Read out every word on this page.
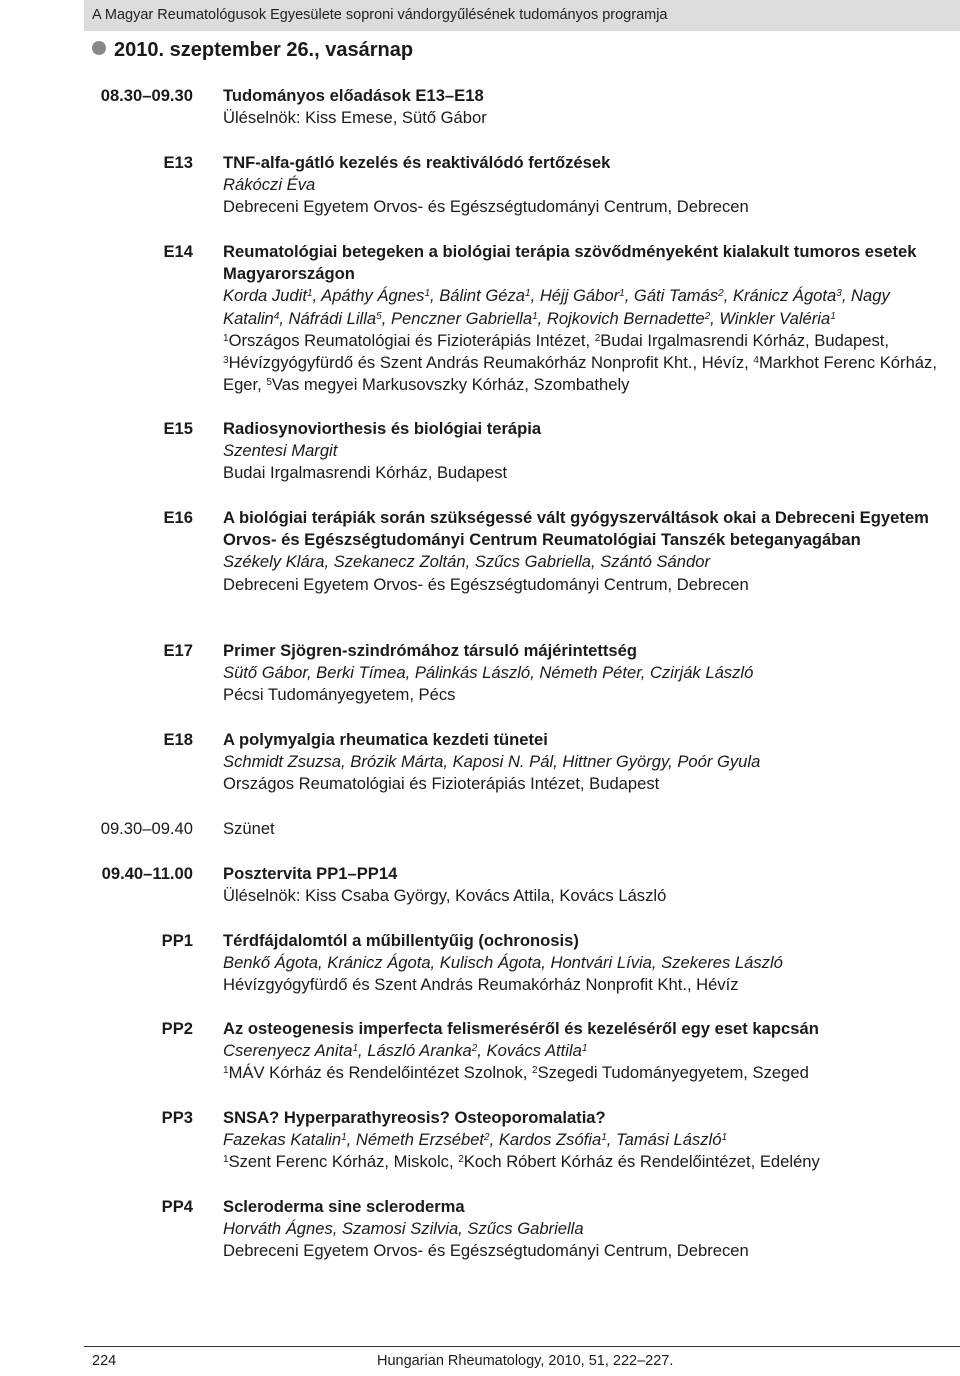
A Magyar Reumatológusok Egyesülete soproni vándorgyűlésének tudományos programja
2010. szeptember 26., vasárnap
08.30–09.30 Tudományos előadások E13–E18
Üléselnök: Kiss Emese, Sütő Gábor
E13 TNF-alfa-gátló kezelés és reaktiválódó fertőzések
Rákóczi Éva
Debreceni Egyetem Orvos- és Egészségtudományi Centrum, Debrecen
E14 Reumatológiai betegeken a biológiai terápia szövődményeként kialakult tumoros esetek Magyarországon
Korda Judit$^1$, Apáthy Ágnes$^1$, Bálint Géza$^1$, Héjj Gábor$^1$, Gáti Tamás$^2$, Kránicz Ágota$^3$, Nagy Katalin$^4$, Náfrádi Lilla$^5$, Penczner Gabriella$^1$, Rojkovich Bernadette$^2$, Winkler Valéria$^1$
$^1$Országos Reumatológiai és Fizioterápiás Intézet, $^2$Budai Irgalmasrendi Kórház, Budapest, $^3$Hévízgyógyfürdő és Szent András Reumakórház Nonprofit Kht., Hévíz, $^4$Markhot Ferenc Kórház, Eger, $^5$Vas megyei Markusovszky Kórház, Szombathely
E15 Radiosynoviorthesis és biológiai terápia
Szentesi Margit
Budai Irgalmasrendi Kórház, Budapest
E16 A biológiai terápiák során szükségessé vált gyógyszerváltások okai a Debreceni Egyetem Orvos- és Egészségtudományi Centrum Reumatológiai Tanszék beteganyagában
Székely Klára, Szekanecz Zoltán, Szűcs Gabriella, Szántó Sándor
Debreceni Egyetem Orvos- és Egészségtudományi Centrum, Debrecen
E17 Primer Sjögren-szindrómához társuló májérintettség
Sütő Gábor, Berki Tímea, Pálinkás László, Németh Péter, Czirják László
Pécsi Tudományegyetem, Pécs
E18 A polymyalgia rheumatica kezdeti tünetei
Schmidt Zsuzsa, Brózik Márta, Kaposi N. Pál, Hittner György, Poór Gyula
Országos Reumatológiai és Fizioterápiás Intézet, Budapest
09.30–09.40 Szünet
09.40–11.00 Posztervita PP1–PP14
Üléselnök: Kiss Csaba György, Kovács Attila, Kovács László
PP1 Térdfájdalomtól a műbillentyűig (ochronosis)
Benkő Ágota, Kránicz Ágota, Kulisch Ágota, Hontvári Lívia, Szekeres László
Hévízgyógyfürdő és Szent András Reumakórház Nonprofit Kht., Hévíz
PP2 Az osteogenesis imperfecta felismeréséről és kezeléséről egy eset kapcsán
Cserenyecz Anita$^1$, László Aranka$^2$, Kovács Attila$^1$
$^1$MÁV Kórház és Rendelőintézet Szolnok, $^2$Szegedi Tudományegyetem, Szeged
PP3 SNSA? Hyperparathyreosis? Osteoporomalatia?
Fazekas Katalin$^1$, Németh Erzsébet$^2$, Kardos Zsófia$^1$, Tamási László$^1$
$^1$Szent Ferenc Kórház, Miskolc, $^2$Koch Róbert Kórház és Rendelőintézet, Edelény
PP4 Scleroderma sine scleroderma
Horváth Ágnes, Szamosi Szilvia, Szűcs Gabriella
Debreceni Egyetem Orvos- és Egészségtudományi Centrum, Debrecen
224	Hungarian Rheumatology, 2010, 51, 222–227.
